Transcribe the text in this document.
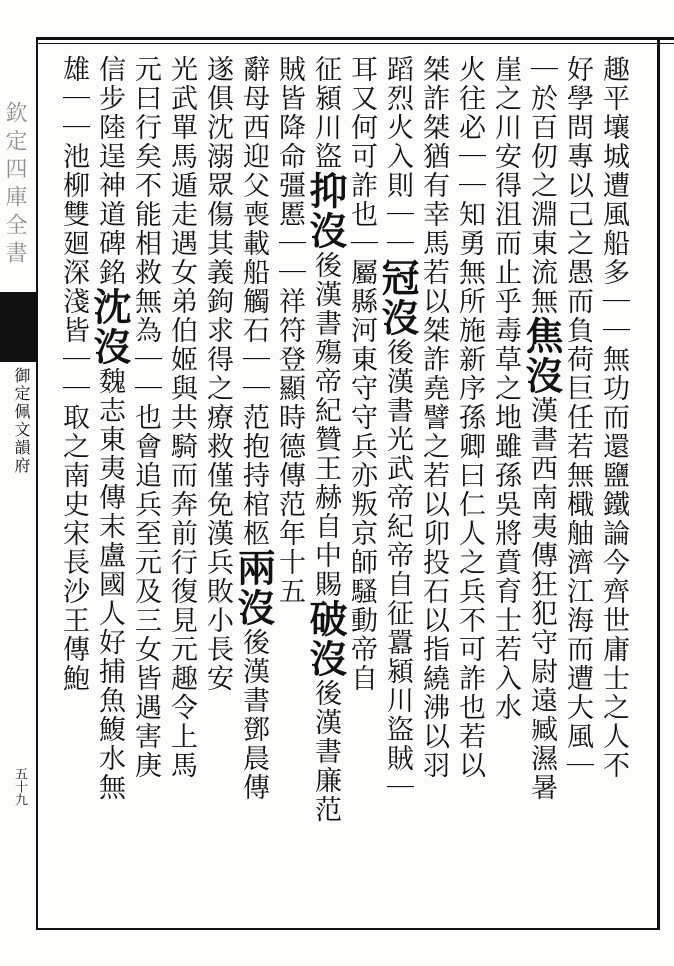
欽定四庫全書
御定佩文韻府
五十九
趣平壤城遭風船多｜｜無功而還鹽鐵論今齊世庸士之人不
好學問專以己之愚而負荷巨任若無檝舳濟江海而遭大風｜
｜於百仞之淵東流無焦沒漢書西南夷傳狂犯守尉遠臧濕暑
崖之川安得沮而止乎毒草之地雖孫吳將賁育士若入水
火往必｜｜知勇無所施新序孫卿曰仁人之兵不可詐也若以
桀詐桀猶有幸馬若以桀詐堯譬之若以卯投石以指繞沸以羽
蹈烈火入則｜｜冠沒後漢書光武帝紀帝自征囂潁川盜賊｜
耳又何可詐也｜屬縣河東守守兵亦叛京師騷動帝自
征潁川盜抑沒後漢書殤帝紀贊王赫自中賜破沒後漢書廉范
賊皆降命彊慝｜｜祥符登顯時德傳范年十五
辭母西迎父喪載船觸石｜｜范抱持棺柩兩沒後漢書鄧晨傳
遂俱沈溺眾傷其義鉤求得之療救僅免漢兵敗小長安
光武單馬遁走遇女弟伯姬與共騎而奔前行復見元趣令上馬
元曰行矣不能相救無為｜｜也會追兵至元及三女皆遇害庚
信步陸逞神道碑銘沈沒魏志東夷傳末盧國人好捕魚鰒水無
雄｜｜池柳雙廻深淺皆｜｜取之南史宋長沙王傳鮑
